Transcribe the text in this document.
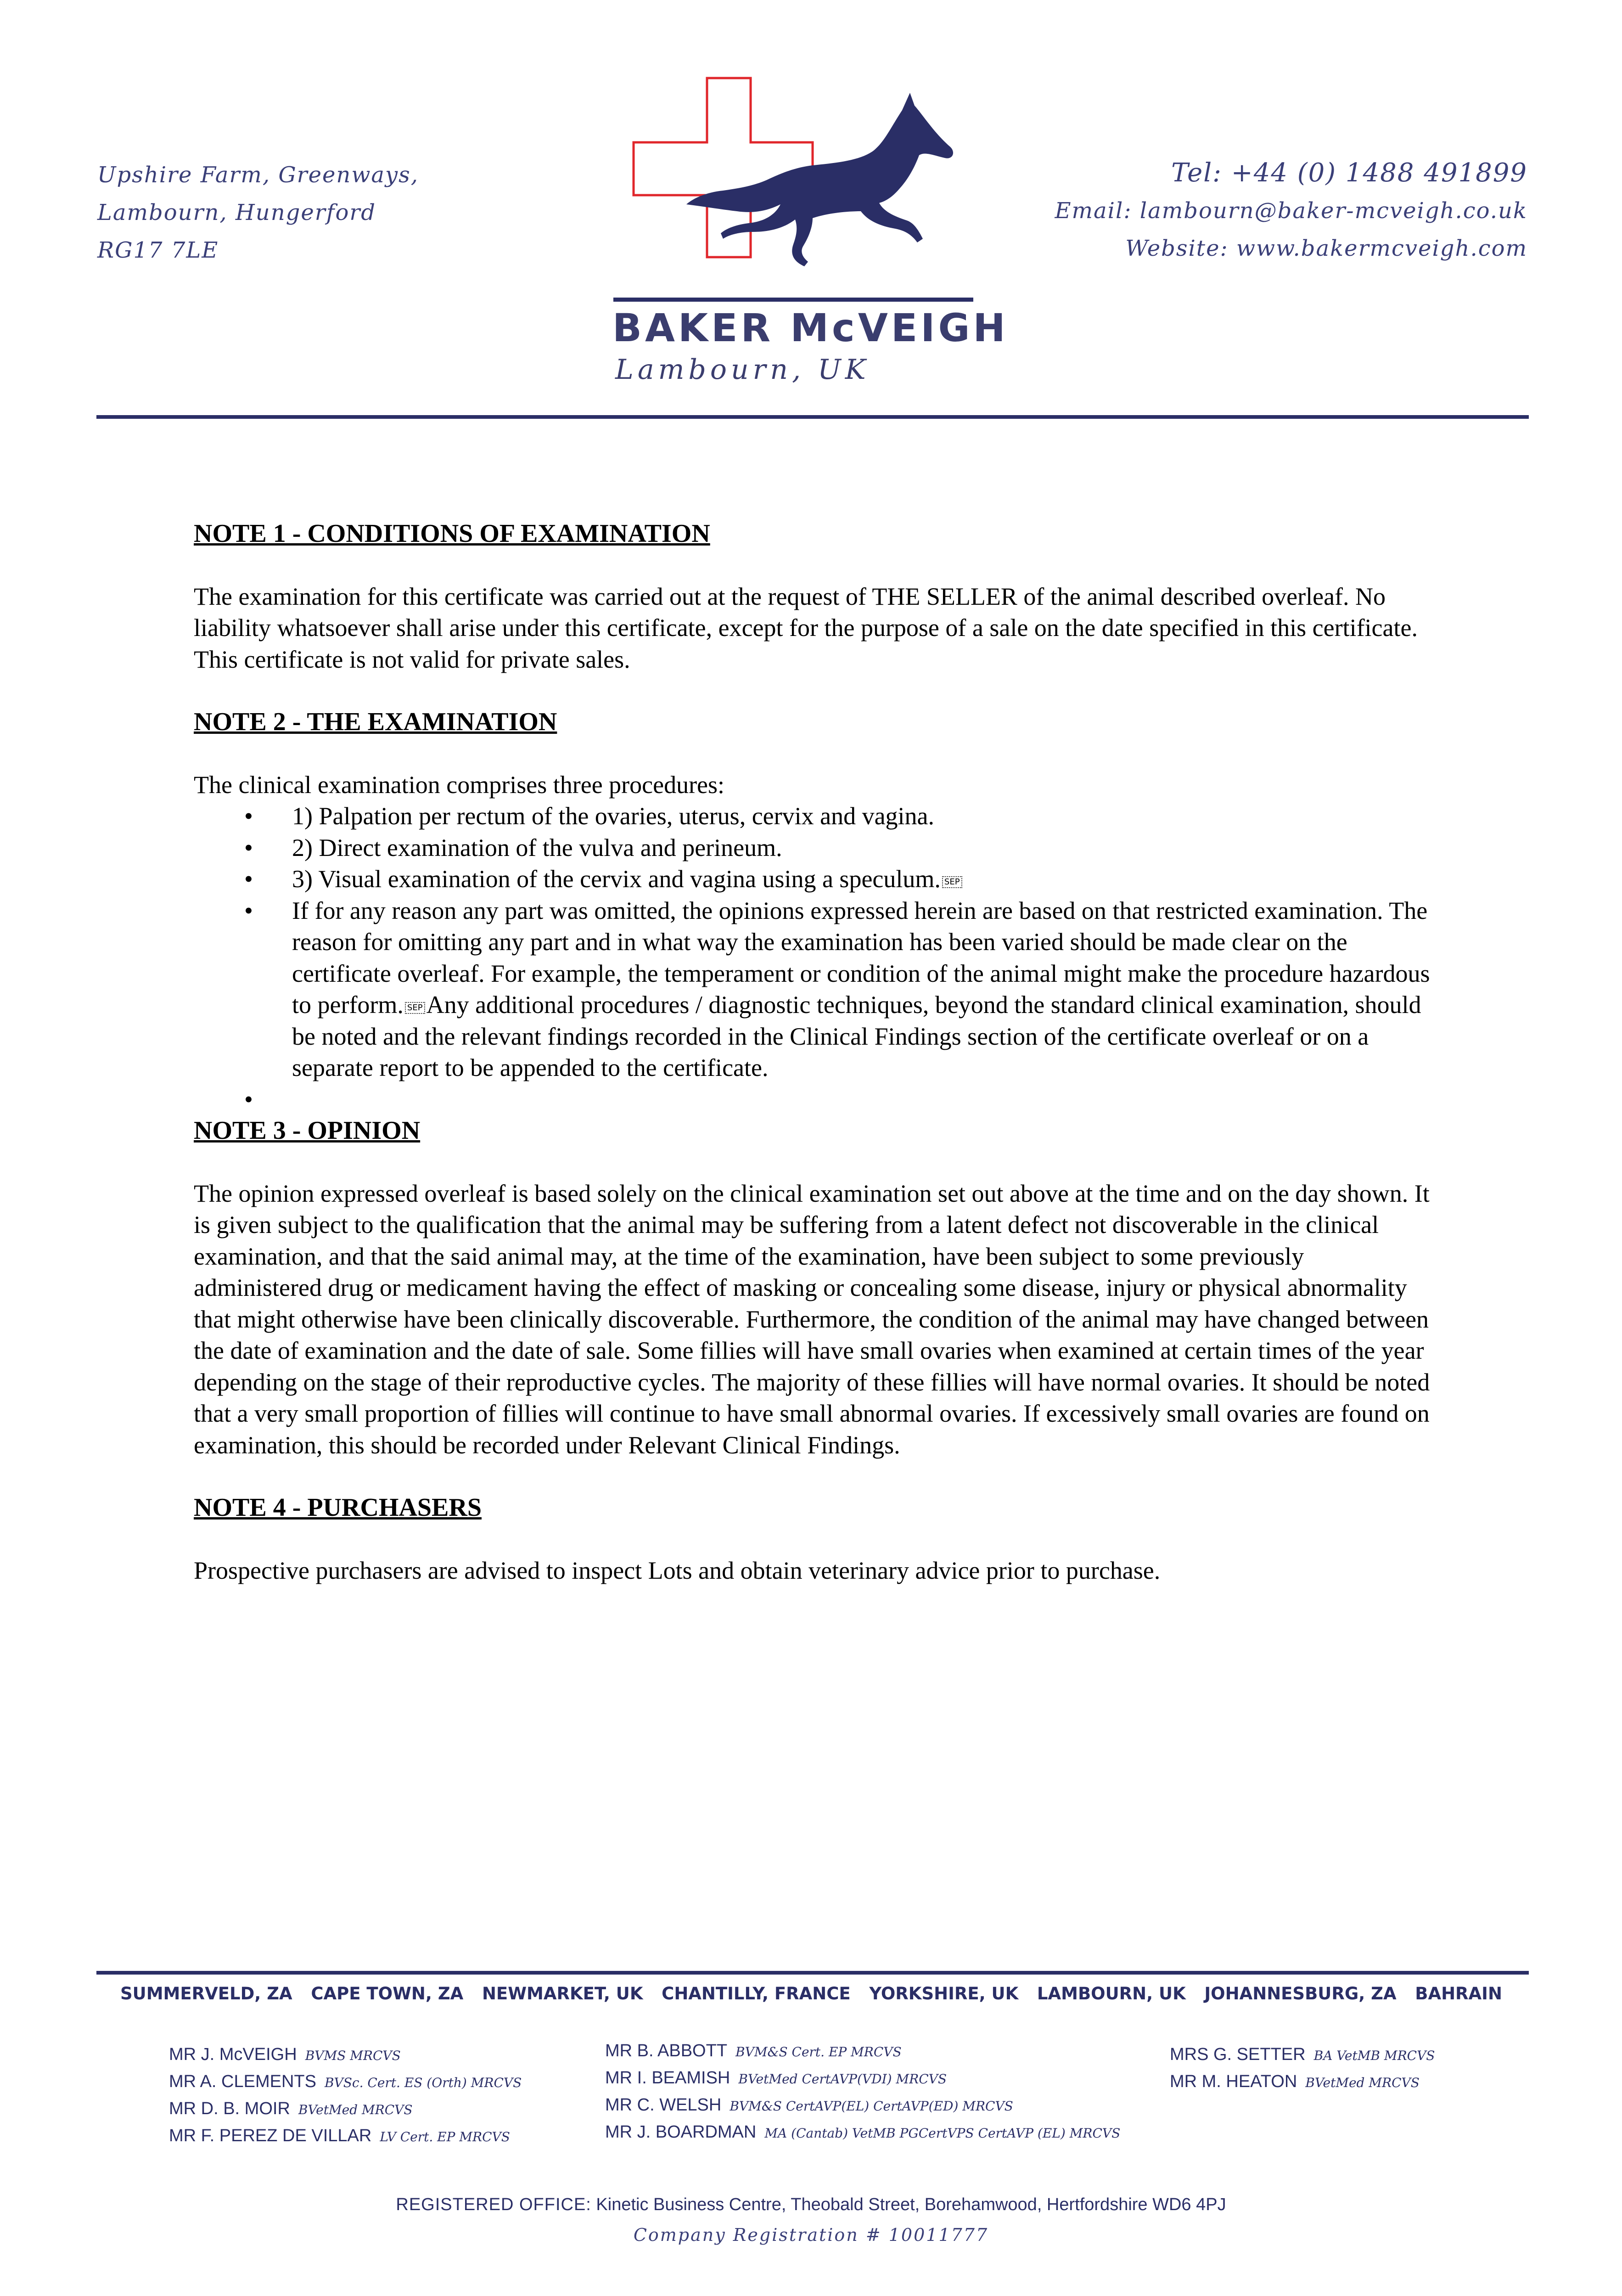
Upshire Farm, Greenways,
Lambourn, Hungerford
RG17 7LE
BAKER McVEIGH
Lambourn, UK
Tel: +44 (0) 1488 491899
Email: lambourn@baker-mcveigh.co.uk
Website: www.bakermcveigh.com
NOTE 1 - CONDITIONS OF EXAMINATION

The examination for this certificate was carried out at the request of THE SELLER of the animal described overleaf. No liability whatsoever shall arise under this certificate, except for the purpose of a sale on the date specified in this certificate. This certificate is not valid for private sales.

NOTE 2 - THE EXAMINATION

The clinical examination comprises three procedures:

• 1) Palpation per rectum of the ovaries, uterus, cervix and vagina.
• 2) Direct examination of the vulva and perineum.
• 3) Visual examination of the cervix and vagina using a speculum. SEP
• If for any reason any part was omitted, the opinions expressed herein are based on that restricted examination. The reason for omitting any part and in what way the examination has been varied should be made clear on the certificate overleaf. For example, the temperament or condition of the animal might make the procedure hazardous to perform. SEP Any additional procedures / diagnostic techniques, beyond the standard clinical examination, should be noted and the relevant findings recorded in the Clinical Findings section of the certificate overleaf or on a separate report to be appended to the certificate.
•

NOTE 3 - OPINION

The opinion expressed overleaf is based solely on the clinical examination set out above at the time and on the day shown. It is given subject to the qualification that the animal may be suffering from a latent defect not discoverable in the clinical examination, and that the said animal may, at the time of the examination, have been subject to some previously administered drug or medicament having the effect of masking or concealing some disease, injury or physical abnormality that might otherwise have been clinically discoverable. Furthermore, the condition of the animal may have changed between the date of examination and the date of sale. Some fillies will have small ovaries when examined at certain times of the year depending on the stage of their reproductive cycles. The majority of these fillies will have normal ovaries. It should be noted that a very small proportion of fillies will continue to have small abnormal ovaries. If excessively small ovaries are found on examination, this should be recorded under Relevant Clinical Findings.

NOTE 4 - PURCHASERS

Prospective purchasers are advised to inspect Lots and obtain veterinary advice prior to purchase.

SUMMERVELD, ZA CAPE TOWN, ZA NEWMARKET, UK CHANTILLY, FRANCE YORKSHIRE, UK LAMBOURN, UK JOHANNESBURG, ZA BAHRAIN
MR J. McVEIGH BVMS MRCVS
MR A. CLEMENTS BVSc. Cert. ES (Orth) MRCVS
MR D. B. MOIR BVetMed MRCVS
MR F. PEREZ DE VILLAR LV Cert. EP MRCVS
MR B. ABBOTT BVM&S Cert. EP MRCVS
MR I. BEAMISH BVetMed CertAVP(VDI) MRCVS
MR C. WELSH BVM&S CertAVP(EL) CertAVP(ED) MRCVS
MR J. BOARDMAN MA (Cantab) VetMB PGCertVPS CertAVP (EL) MRCVS
MRS G. SETTER BA VetMB MRCVS
MR M. HEATON BVetMed MRCVS
REGISTERED OFFICE: Kinetic Business Centre, Theobald Street, Borehamwood, Hertfordshire WD6 4PJ
Company Registration # 10011777
